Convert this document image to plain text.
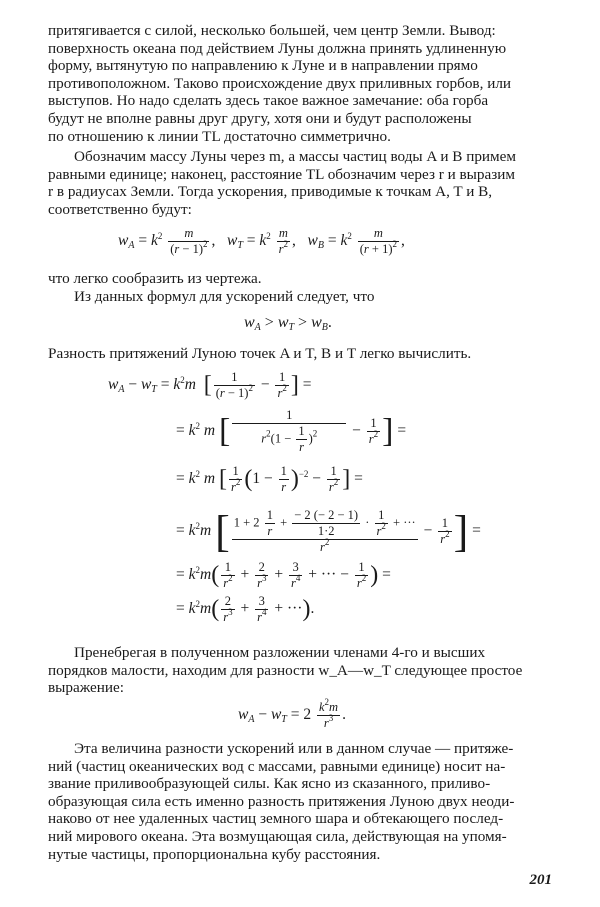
притягивается с силой, несколько большей, чем центр Земли. Вывод:
поверхность океана под действием Луны должна принять удлиненную
форму, вытянутую по направлению к Луне и в направлении прямо
противоположном. Таково происхождение двух приливных горбов, или
выступов. Но надо сделать здесь такое важное замечание: оба горба
будут не вполне равны друг другу, хотя они и будут расположены
по отношению к линии TL достаточно симметрично.
Обозначим массу Луны через m, а массы частиц воды A и B примем
равными единице; наконец, расстояние TL обозначим через r и выразим
r в радиусах Земли. Тогда ускорения, приводимые к точкам A, T и B,
соответственно будут:
$w_A = k^2 \frac{m}{(r - 1)^2}$ ,   $w_T = k^2 \frac{m}{r^2}$ ,   $w_B = k^2 \frac{m}{(r + 1)^2}$ ,
что легко сообразить из чертежа.
Из данных формул для ускорений следует, что
$w_A > w_T > w_B$.
Разность притяжений Луною точек A и T, B и T легко вычислить.
$w_A - w_T = k^2m$ [ $\frac{1}{(r - 1)^2} - \frac{1}{r^2}$ ] =
= $k^2$ m [ $\frac{1}{r^2(1 - \frac{1}{r} )^2} - \frac{1}{r^2}$ ] =
= $k^2$ m [ $\frac{1}{r^2} (1 - \frac{1}{r} )^{-2} - \frac{1}{r^2}$ ] =
= $k^2m$ [ $\frac{1 + 2 \frac{1}{r} + \frac{- 2 (- 2 - 1)}{1\cdot 2} \cdot \frac{1}{r^2} + \cdot\cdot\cdot}{r^2} - \frac{1}{r^2}$ ] =
= $k^2m( \frac{1}{r^2} + \frac{2}{r^3} + \frac{3}{r^4}$ + ··· − $\frac{1}{r^2}$ ) =
= $k^2m( \frac{2}{r^3} + \frac{3}{r^4}$ + ···).
Пренебрегая в полученном разложении членами 4-го и высших
порядков малости, находим для разности w_A—w_T следующее простое
выражение:
$w_A - w_T = 2 \frac{k^2m}{r^3}$ .
Эта величина разности ускорений или в данном случае — притяже-
ний (частиц океанических вод с массами, равными единице) носит на-
звание приливообразующей силы. Как ясно из сказанного, приливо-
образующая сила есть именно разность притяжения Луною двух неоди-
наково от нее удаленных частиц земного шара и обтекающего послед-
ний мирового океана. Эта возмущающая сила, действующая на упомя-
нутые частицы, пропорциональна кубу расстояния.
201
